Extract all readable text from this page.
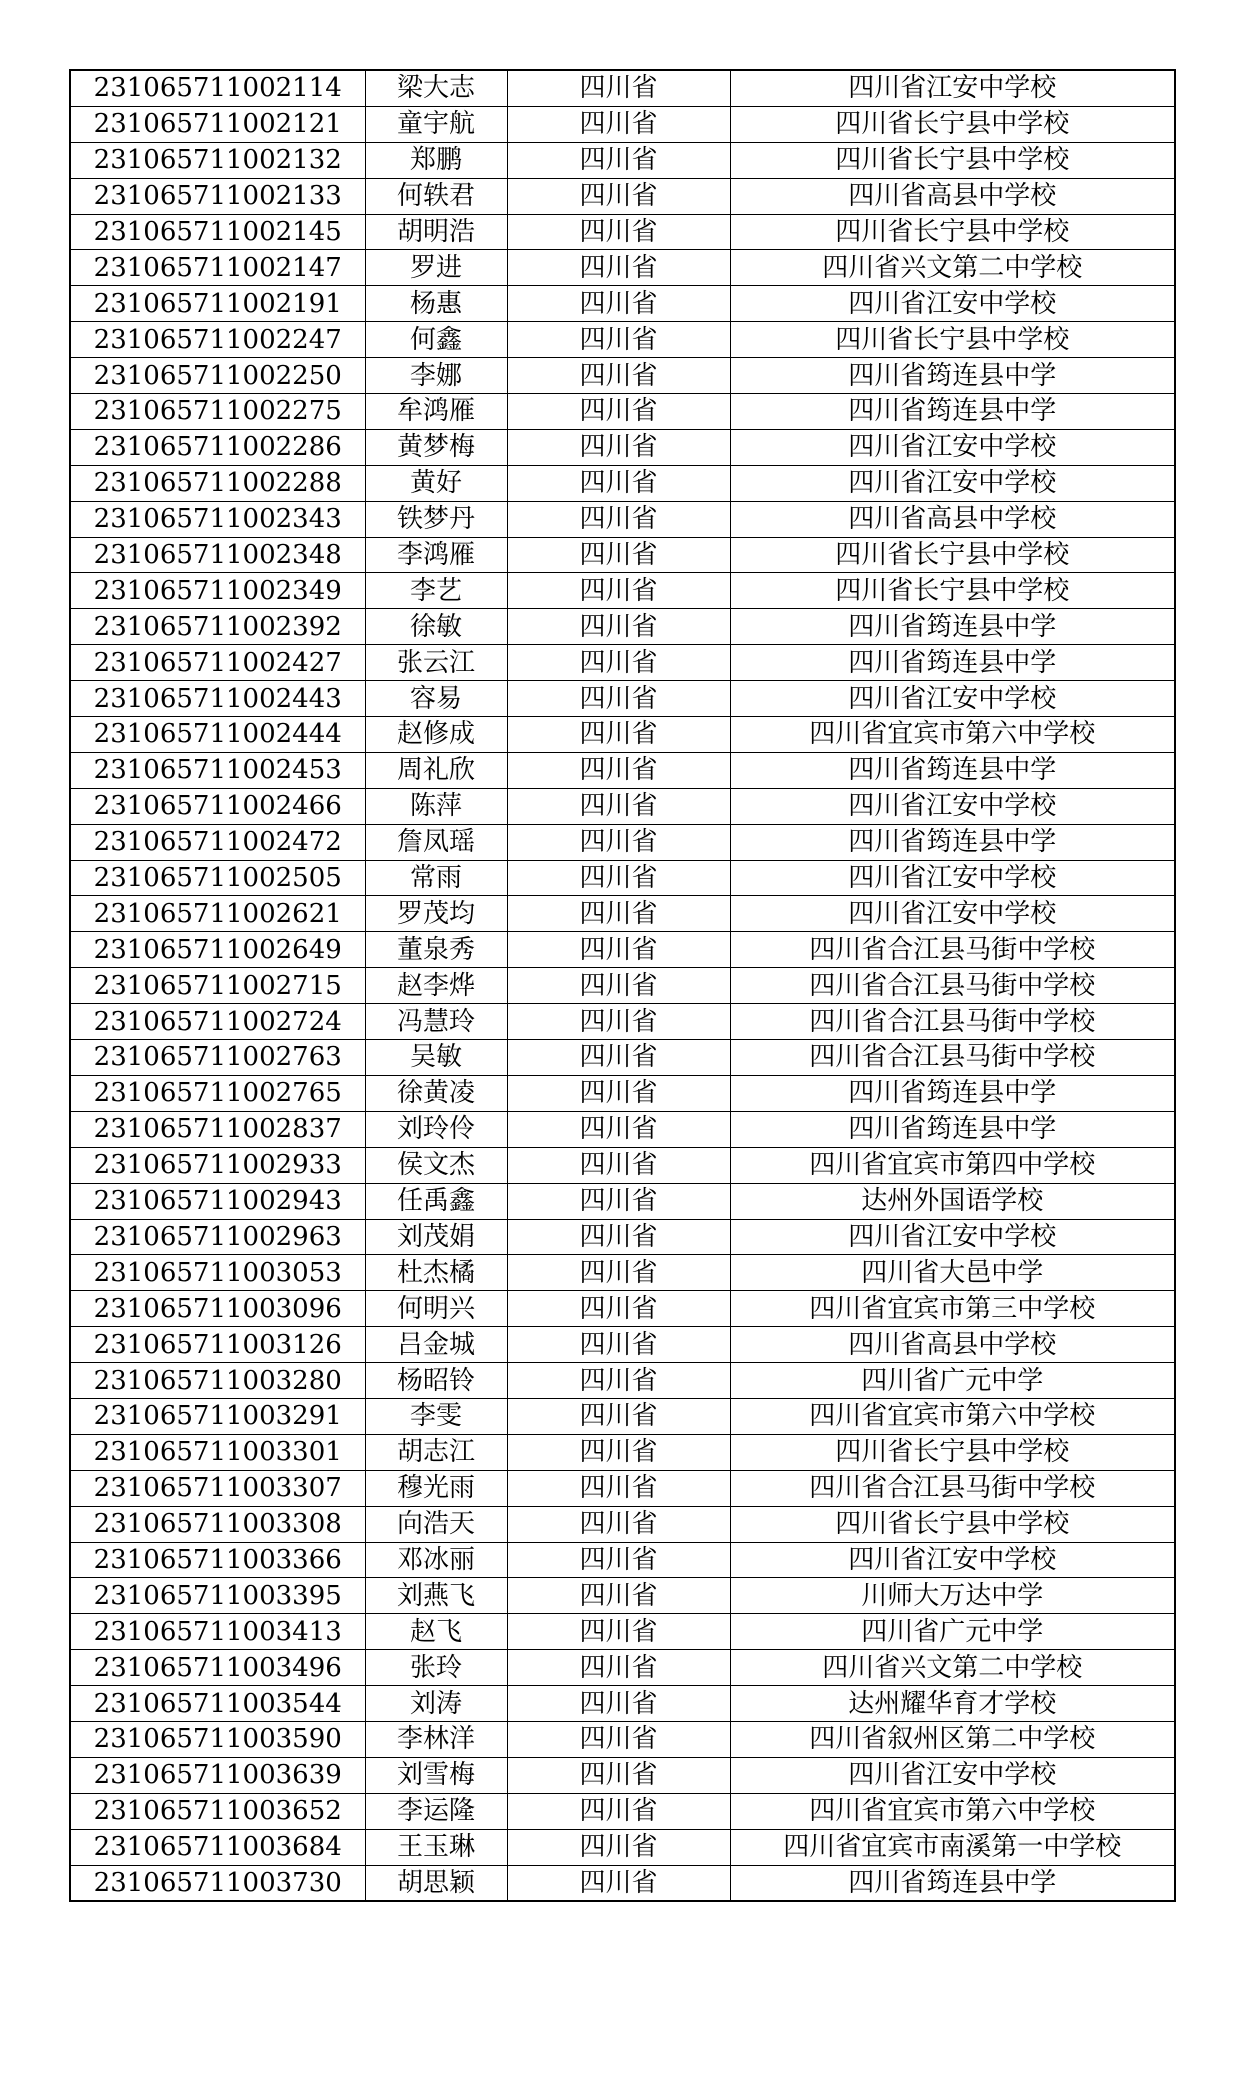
231065711002114	梁大志	四川省	四川省江安中学校
231065711002121	童宇航	四川省	四川省长宁县中学校
231065711002132	郑鹏	四川省	四川省长宁县中学校
231065711002133	何轶君	四川省	四川省高县中学校
231065711002145	胡明浩	四川省	四川省长宁县中学校
231065711002147	罗进	四川省	四川省兴文第二中学校
231065711002191	杨惠	四川省	四川省江安中学校
231065711002247	何鑫	四川省	四川省长宁县中学校
231065711002250	李娜	四川省	四川省筠连县中学
231065711002275	牟鸿雁	四川省	四川省筠连县中学
231065711002286	黄梦梅	四川省	四川省江安中学校
231065711002288	黄好	四川省	四川省江安中学校
231065711002343	铁梦丹	四川省	四川省高县中学校
231065711002348	李鸿雁	四川省	四川省长宁县中学校
231065711002349	李艺	四川省	四川省长宁县中学校
231065711002392	徐敏	四川省	四川省筠连县中学
231065711002427	张云江	四川省	四川省筠连县中学
231065711002443	容易	四川省	四川省江安中学校
231065711002444	赵修成	四川省	四川省宜宾市第六中学校
231065711002453	周礼欣	四川省	四川省筠连县中学
231065711002466	陈萍	四川省	四川省江安中学校
231065711002472	詹凤瑶	四川省	四川省筠连县中学
231065711002505	常雨	四川省	四川省江安中学校
231065711002621	罗茂均	四川省	四川省江安中学校
231065711002649	董泉秀	四川省	四川省合江县马街中学校
231065711002715	赵李烨	四川省	四川省合江县马街中学校
231065711002724	冯慧玲	四川省	四川省合江县马街中学校
231065711002763	吴敏	四川省	四川省合江县马街中学校
231065711002765	徐黄凌	四川省	四川省筠连县中学
231065711002837	刘玲伶	四川省	四川省筠连县中学
231065711002933	侯文杰	四川省	四川省宜宾市第四中学校
231065711002943	任禹鑫	四川省	达州外国语学校
231065711002963	刘茂娟	四川省	四川省江安中学校
231065711003053	杜杰橘	四川省	四川省大邑中学
231065711003096	何明兴	四川省	四川省宜宾市第三中学校
231065711003126	吕金城	四川省	四川省高县中学校
231065711003280	杨昭铃	四川省	四川省广元中学
231065711003291	李雯	四川省	四川省宜宾市第六中学校
231065711003301	胡志江	四川省	四川省长宁县中学校
231065711003307	穆光雨	四川省	四川省合江县马街中学校
231065711003308	向浩天	四川省	四川省长宁县中学校
231065711003366	邓冰丽	四川省	四川省江安中学校
231065711003395	刘燕飞	四川省	川师大万达中学
231065711003413	赵飞	四川省	四川省广元中学
231065711003496	张玲	四川省	四川省兴文第二中学校
231065711003544	刘涛	四川省	达州耀华育才学校
231065711003590	李林洋	四川省	四川省叙州区第二中学校
231065711003639	刘雪梅	四川省	四川省江安中学校
231065711003652	李运隆	四川省	四川省宜宾市第六中学校
231065711003684	王玉琳	四川省	四川省宜宾市南溪第一中学校
231065711003730	胡思颖	四川省	四川省筠连县中学
